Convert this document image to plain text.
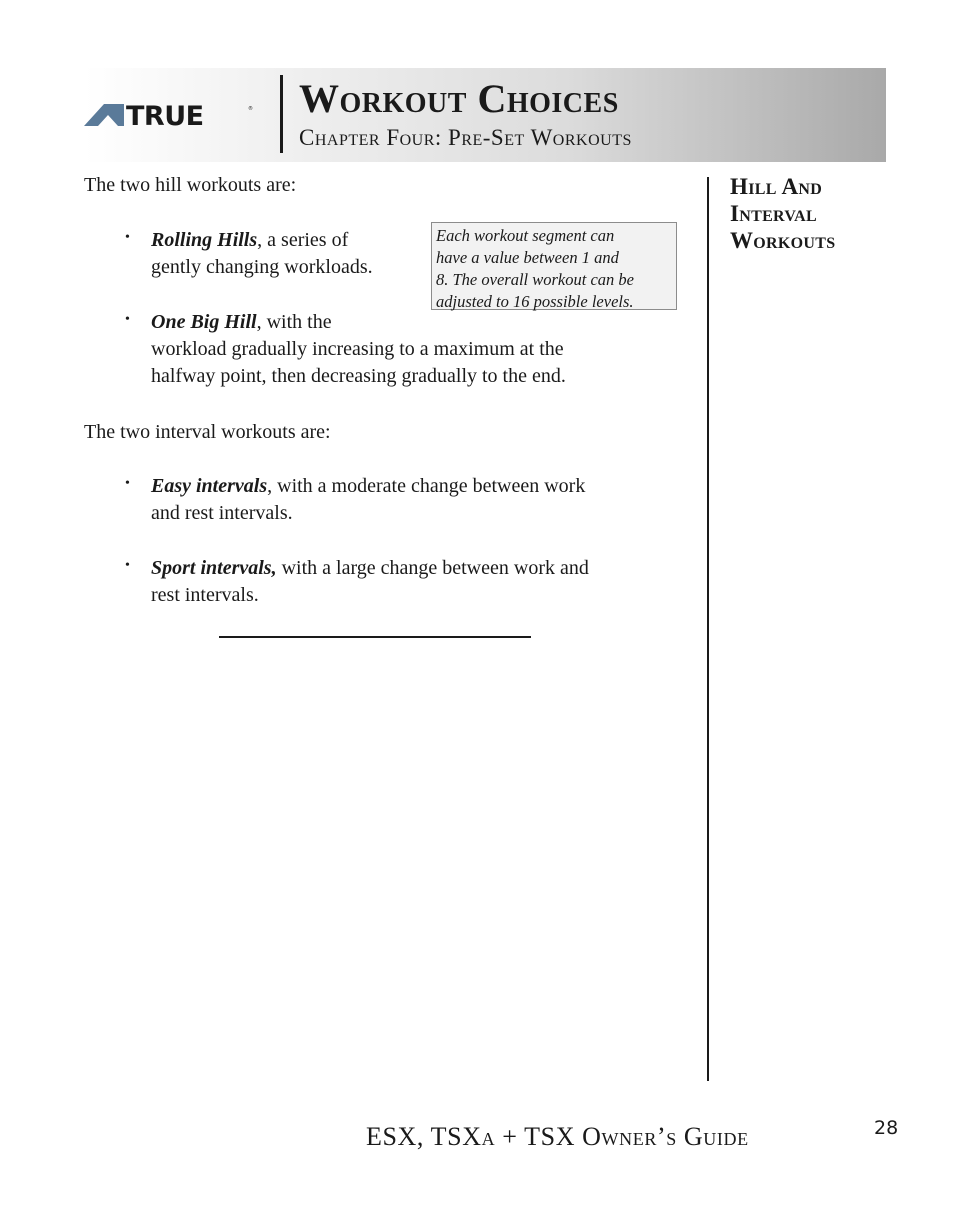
TRUE	® Workout Choices
Chapter Four: Pre-Set Workouts
The two hill workouts are:
• Rolling Hills, a series of
gently changing workloads.
• One Big Hill, with the
workload gradually increasing to a maximum at the
halfway point, then decreasing gradually to the end.
Each workout segment can
have a value between 1 and
8. The overall workout can be
adjusted to 16 possible levels.
The two interval workouts are:
• Easy intervals, with a moderate change between work
and rest intervals.
• Sport intervals, with a large change between work and
rest intervals.
Hill And
Interval
Workouts
ESX, TSXa + TSX Owner’s Guide	28
